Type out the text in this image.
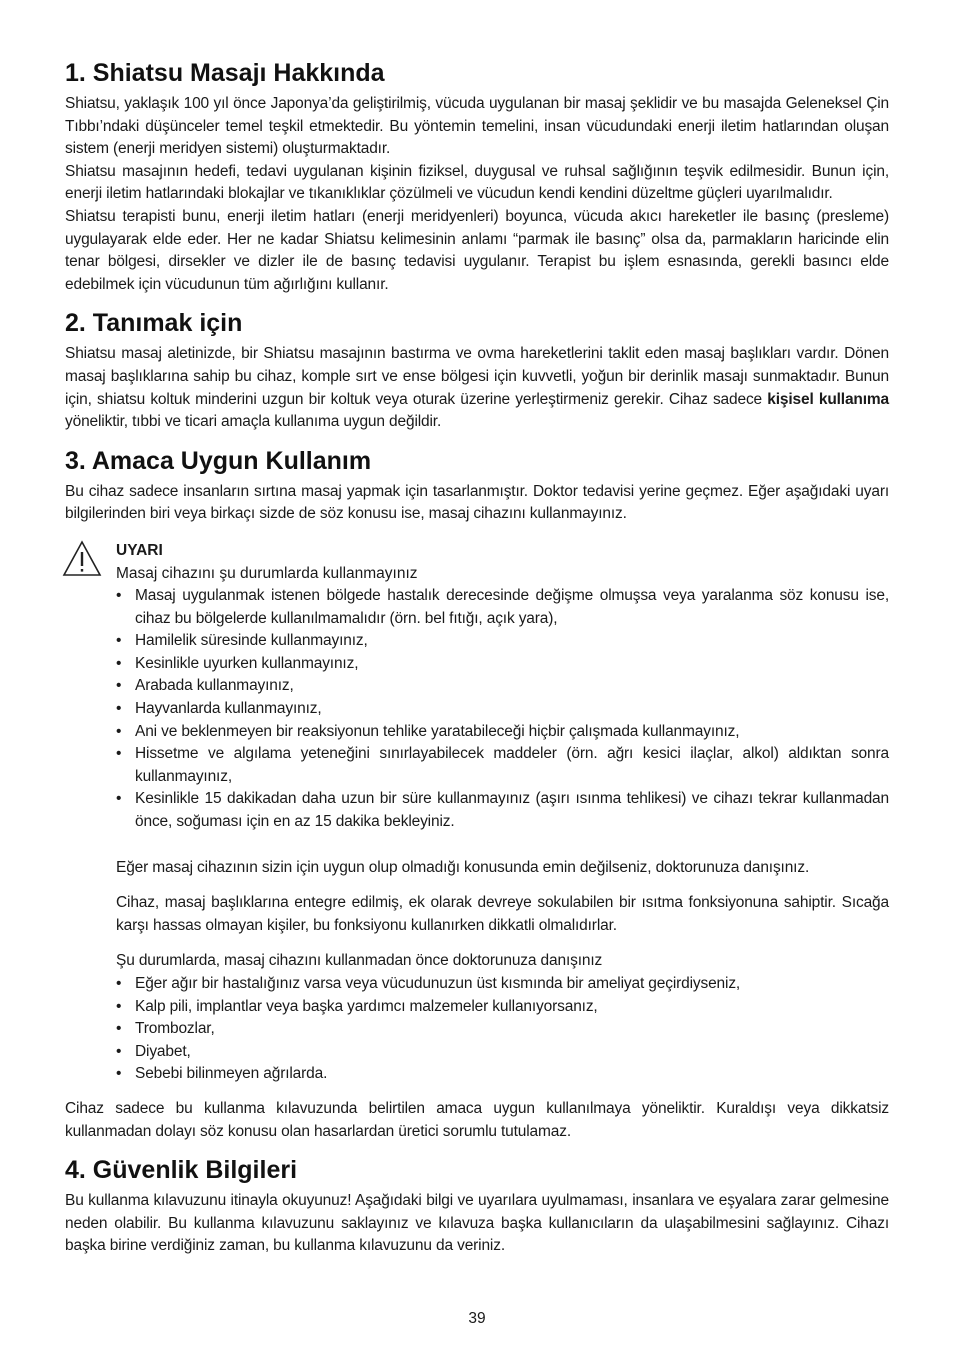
1. Shiatsu Masajı Hakkında

Shiatsu, yaklaşık 100 yıl önce Japonya’da geliştirilmiş, vücuda uygulanan bir masaj şeklidir ve bu masajda Geleneksel Çin Tıbbı’ndaki düşünceler temel teşkil etmektedir. Bu yöntemin temelini, insan vücudundaki enerji iletim hatlarından oluşan sistem (enerji meridyen sistemi) oluşturmaktadır.

Shiatsu masajının hedefi, tedavi uygulanan kişinin fiziksel, duygusal ve ruhsal sağlığının teşvik edilmesidir. Bunun için, enerji iletim hatlarındaki blokajlar ve tıkanıklıklar çözülmeli ve vücudun kendi kendini düzeltme güçleri uyarılmalıdır.

Shiatsu terapisti bunu, enerji iletim hatları (enerji meridyenleri) boyunca, vücuda akıcı hareketler ile basınç (presleme) uygulayarak elde eder. Her ne kadar Shiatsu kelimesinin anlamı “parmak ile basınç” olsa da, parmakların haricinde elin tenar bölgesi, dirsekler ve dizler ile de basınç tedavisi uygulanır. Terapist bu işlem esnasında, gerekli basıncı elde edebilmek için vücudunun tüm ağırlığını kullanır.

2. Tanımak için

Shiatsu masaj aletinizde, bir Shiatsu masajının bastırma ve ovma hareketlerini taklit eden masaj başlıkları vardır. Dönen masaj başlıklarına sahip bu cihaz, komple sırt ve ense bölgesi için kuvvetli, yoğun bir derinlik masajı sunmaktadır. Bunun için, shiatsu koltuk minderini uzgun bir koltuk veya oturak üzerine yerleştirmeniz gerekir. Cihaz sadece kişisel kullanıma yöneliktir, tıbbi ve ticari amaçla kullanıma uygun değildir.

3. Amaca Uygun Kullanım

Bu cihaz sadece insanların sırtına masaj yapmak için tasarlanmıştır. Doktor tedavisi yerine geçmez. Eğer aşağıdaki uyarı bilgilerinden biri veya birkaçı sizde de söz konusu ise, masaj cihazını kullanmayınız.

UYARI
Masaj cihazını şu durumlarda kullanmayınız
• Masaj uygulanmak istenen bölgede hastalık derecesinde değişme olmuşsa veya yaralanma söz konusu ise, cihaz bu bölgelerde kullanılmamalıdır (örn. bel fıtığı, açık yara),
• Hamilelik süresinde kullanmayınız,
• Kesinlikle uyurken kullanmayınız,
• Arabada kullanmayınız,
• Hayvanlarda kullanmayınız,
• Ani ve beklenmeyen bir reaksiyonun tehlike yaratabileceği hiçbir çalışmada kullanmayınız,
• Hissetme ve algılama yeteneğini sınırlayabilecek maddeler (örn. ağrı kesici ilaçlar, alkol) aldıktan sonra kullanmayınız,
• Kesinlikle 15 dakikadan daha uzun bir süre kullanmayınız (aşırı ısınma tehlikesi) ve cihazı tekrar kullanmadan önce, soğuması için en az 15 dakika bekleyiniz.

Eğer masaj cihazının sizin için uygun olup olmadığı konusunda emin değilseniz, doktorunuza danışınız.

Cihaz, masaj başlıklarına entegre edilmiş, ek olarak devreye sokulabilen bir ısıtma fonksiyonuna sahiptir. Sıcağa karşı hassas olmayan kişiler, bu fonksiyonu kullanırken dikkatli olmalıdırlar.

Şu durumlarda, masaj cihazını kullanmadan önce doktorunuza danışınız

• Eğer ağır bir hastalığınız varsa veya vücudunuzun üst kısmında bir ameliyat geçirdiyseniz,
• Kalp pili, implantlar veya başka yardımcı malzemeler kullanıyorsanız,
• Trombozlar,
• Diyabet,
• Sebebi bilinmeyen ağrılarda.

Cihaz sadece bu kullanma kılavuzunda belirtilen amaca uygun kullanılmaya yöneliktir. Kuraldışı veya dikkatsiz kullanmadan dolayı söz konusu olan hasarlardan üretici sorumlu tutulamaz.

4. Güvenlik Bilgileri

Bu kullanma kılavuzunu itinayla okuyunuz! Aşağıdaki bilgi ve uyarılara uyulmaması, insanlara ve eşyalara zarar gelmesine neden olabilir. Bu kullanma kılavuzunu saklayınız ve kılavuza başka kullanıcıların da ulaşabilmesini sağlayınız. Cihazı başka birine verdiğiniz zaman, bu kullanma kılavuzunu da veriniz.

39
